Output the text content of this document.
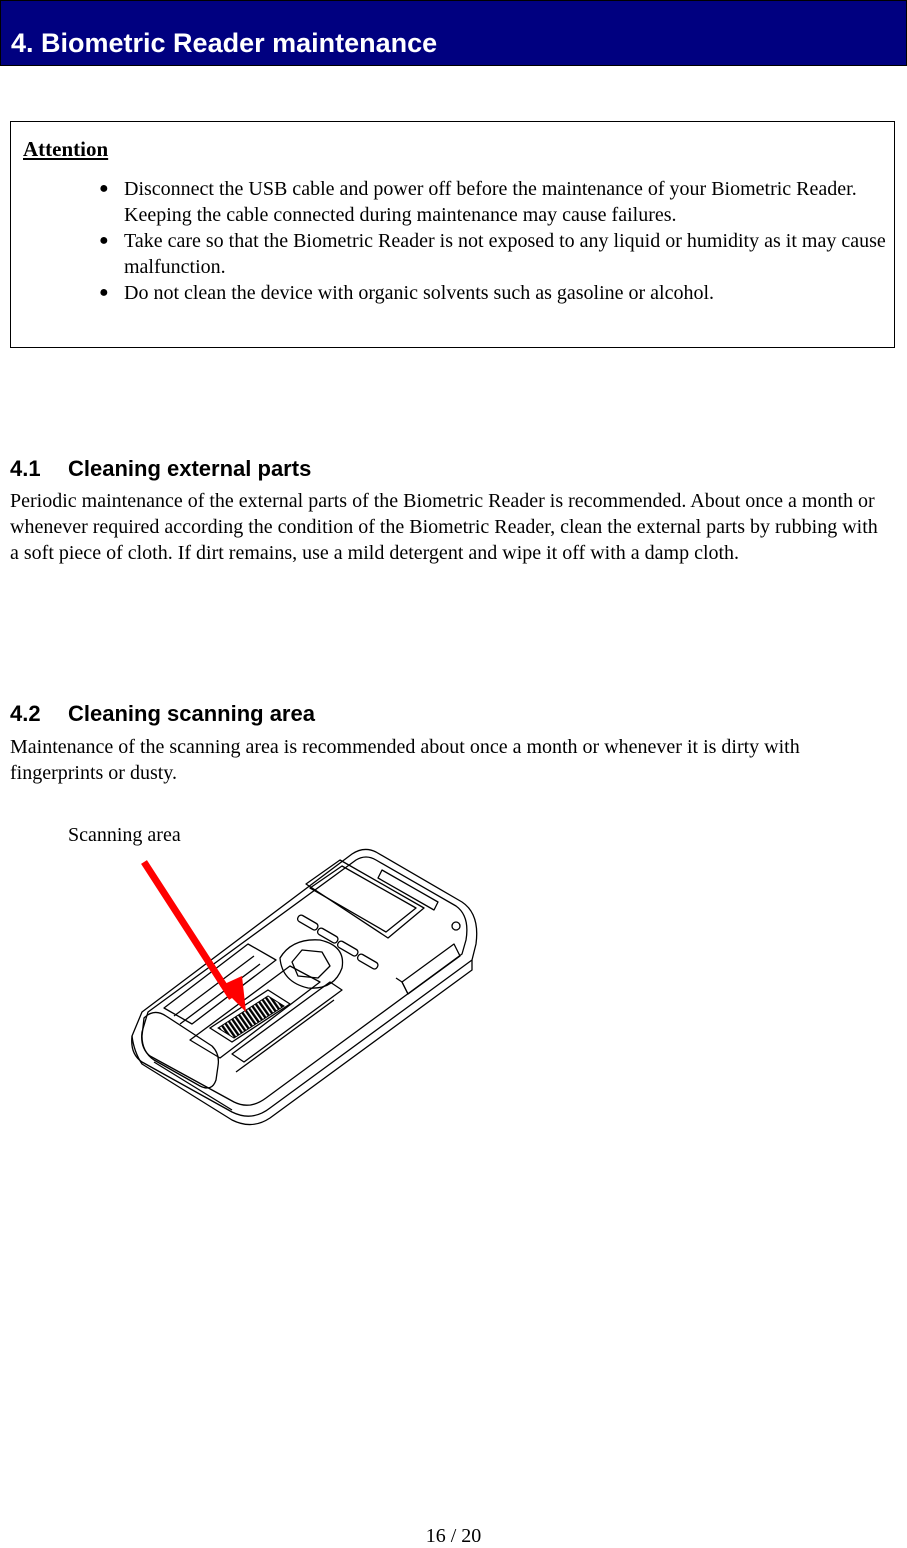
4. Biometric Reader maintenance
Attention
● Disconnect the USB cable and power off before the maintenance of your Biometric Reader. Keeping the cable connected during maintenance may cause failures.
● Take care so that the Biometric Reader is not exposed to any liquid or humidity as it may cause malfunction.
● Do not clean the device with organic solvents such as gasoline or alcohol.
4.1 Cleaning external parts

Periodic maintenance of the external parts of the Biometric Reader is recommended. About once a month or whenever required according the condition of the Biometric Reader, clean the external parts by rubbing with a soft piece of cloth. If dirt remains, use a mild detergent and wipe it off with a damp cloth.

4.2 Cleaning scanning area

Maintenance of the scanning area is recommended about once a month or whenever it is dirty with fingerprints or dusty.

Scanning area
16 / 20
